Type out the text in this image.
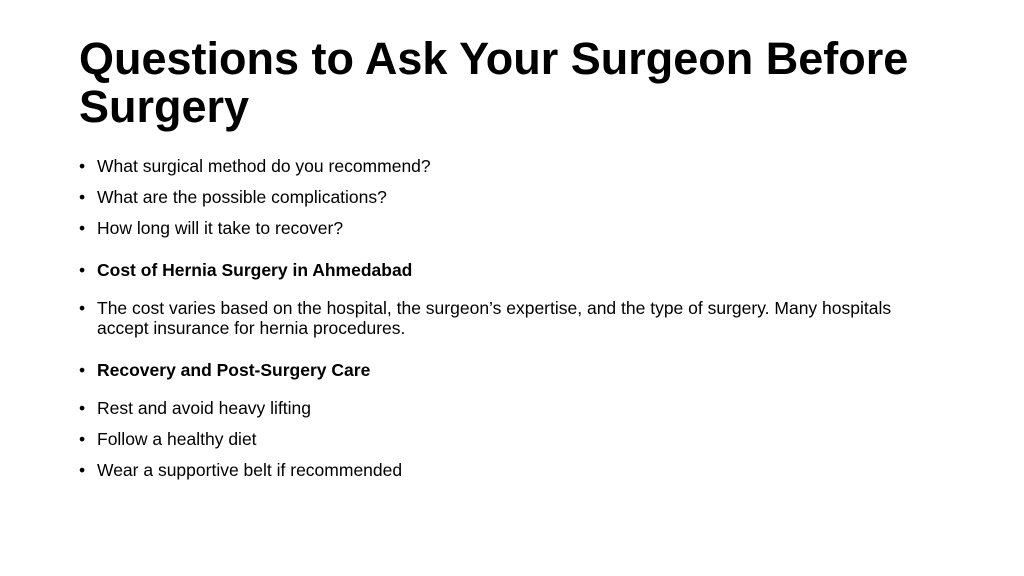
Questions to Ask Your Surgeon Before Surgery
• What surgical method do you recommend?
• What are the possible complications?
• How long will it take to recover?
• Cost of Hernia Surgery in Ahmedabad
• The cost varies based on the hospital, the surgeon’s expertise, and the type of surgery. Many hospitals accept insurance for hernia procedures.
• Recovery and Post-Surgery Care
• Rest and avoid heavy lifting
• Follow a healthy diet
• Wear a supportive belt if recommended
